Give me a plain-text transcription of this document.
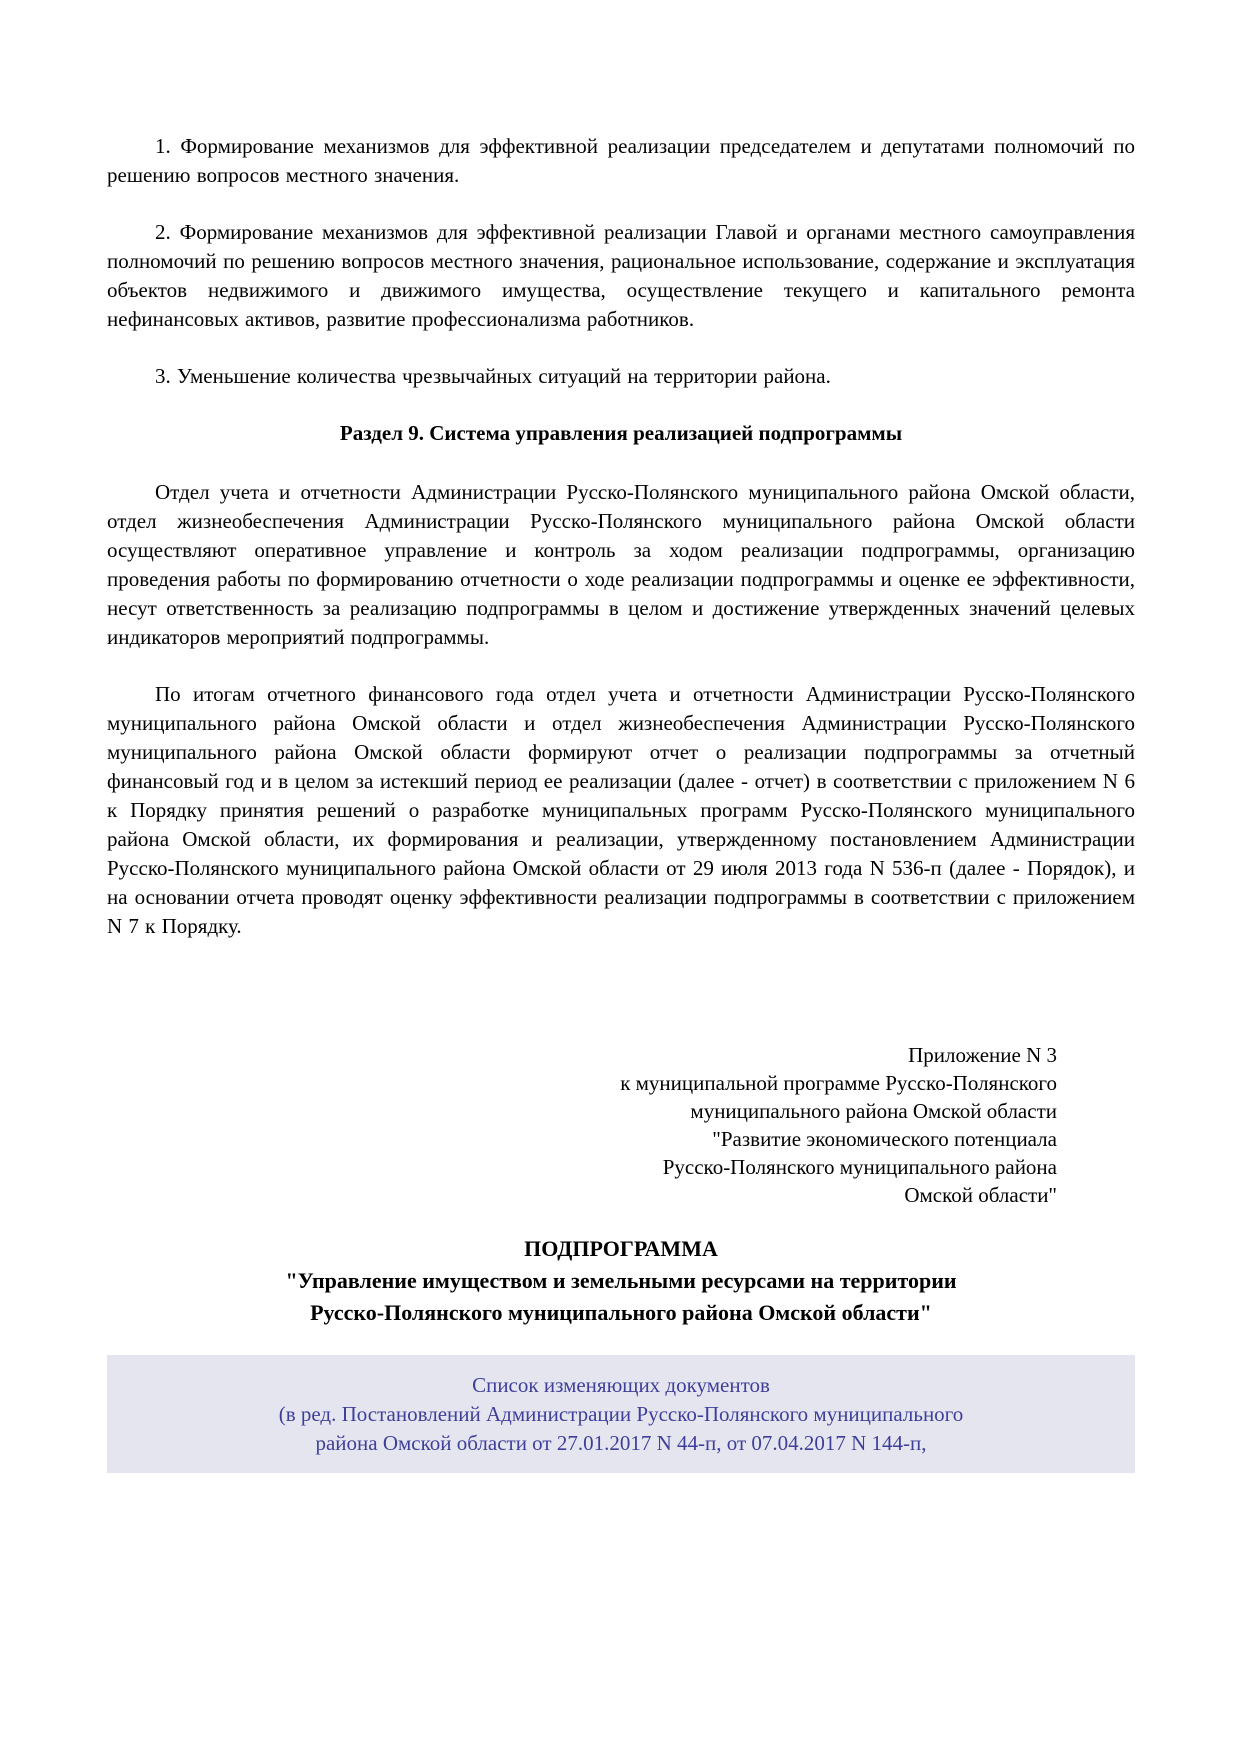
1. Формирование механизмов для эффективной реализации председателем и депутатами полномочий по решению вопросов местного значения.

2. Формирование механизмов для эффективной реализации Главой и органами местного самоуправления полномочий по решению вопросов местного значения, рациональное использование, содержание и эксплуатация объектов недвижимого и движимого имущества, осуществление текущего и капитального ремонта нефинансовых активов, развитие профессионализма работников.

3. Уменьшение количества чрезвычайных ситуаций на территории района.

Раздел 9. Система управления реализацией подпрограммы

Отдел учета и отчетности Администрации Русско-Полянского муниципального района Омской области, отдел жизнеобеспечения Администрации Русско-Полянского муниципального района Омской области осуществляют оперативное управление и контроль за ходом реализации подпрограммы, организацию проведения работы по формированию отчетности о ходе реализации подпрограммы и оценке ее эффективности, несут ответственность за реализацию подпрограммы в целом и достижение утвержденных значений целевых индикаторов мероприятий подпрограммы.

По итогам отчетного финансового года отдел учета и отчетности Администрации Русско-Полянского муниципального района Омской области и отдел жизнеобеспечения Администрации Русско-Полянского муниципального района Омской области формируют отчет о реализации подпрограммы за отчетный финансовый год и в целом за истекший период ее реализации (далее - отчет) в соответствии с приложением N 6 к Порядку принятия решений о разработке муниципальных программ Русско-Полянского муниципального района Омской области, их формирования и реализации, утвержденному постановлением Администрации Русско-Полянского муниципального района Омской области от 29 июля 2013 года N 536-п (далее - Порядок), и на основании отчета проводят оценку эффективности реализации подпрограммы в соответствии с приложением N 7 к Порядку.

Приложение N 3
к муниципальной программе Русско-Полянского
муниципального района Омской области
"Развитие экономического потенциала
Русско-Полянского муниципального района
Омской области"
ПОДПРОГРАММА
"Управление имуществом и земельными ресурсами на территории
Русско-Полянского муниципального района Омской области"
Список изменяющих документов
(в ред. Постановлений Администрации Русско-Полянского муниципального
района Омской области от 27.01.2017 N 44-п, от 07.04.2017 N 144-п,
